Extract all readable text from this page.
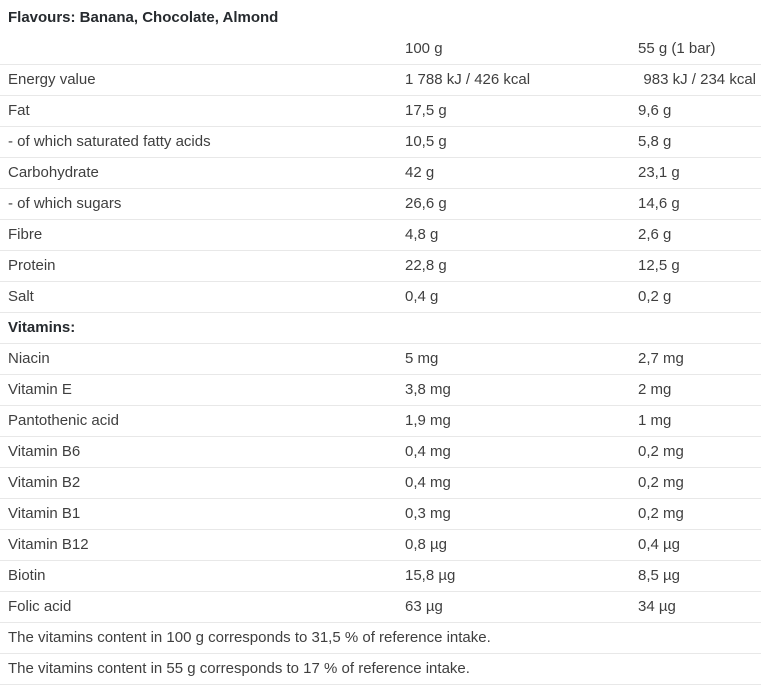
Flavours: Banana, Chocolate, Almond
	100 g	55 g (1 bar)
Energy value	1 788 kJ / 426 kcal	983 kJ / 234 kcal
Fat	17,5 g	9,6 g
- of which saturated fatty acids	10,5 g	5,8 g
Carbohydrate	42 g	23,1 g
- of which sugars	26,6 g	14,6 g
Fibre	4,8 g	2,6 g
Protein	22,8 g	12,5 g
Salt	0,4 g	0,2 g
Vitamins:		
Niacin	5 mg	2,7 mg
Vitamin E	3,8 mg	2 mg
Pantothenic acid	1,9 mg	1 mg
Vitamin B6	0,4 mg	0,2 mg
Vitamin B2	0,4 mg	0,2 mg
Vitamin B1	0,3 mg	0,2 mg
Vitamin B12	0,8 µg	0,4 µg
Biotin	15,8 µg	8,5 µg
Folic acid	63 µg	34 µg
The vitamins content in 100 g corresponds to 31,5 % of reference intake.		
The vitamins content in 55 g corresponds to 17 % of reference intake.		
